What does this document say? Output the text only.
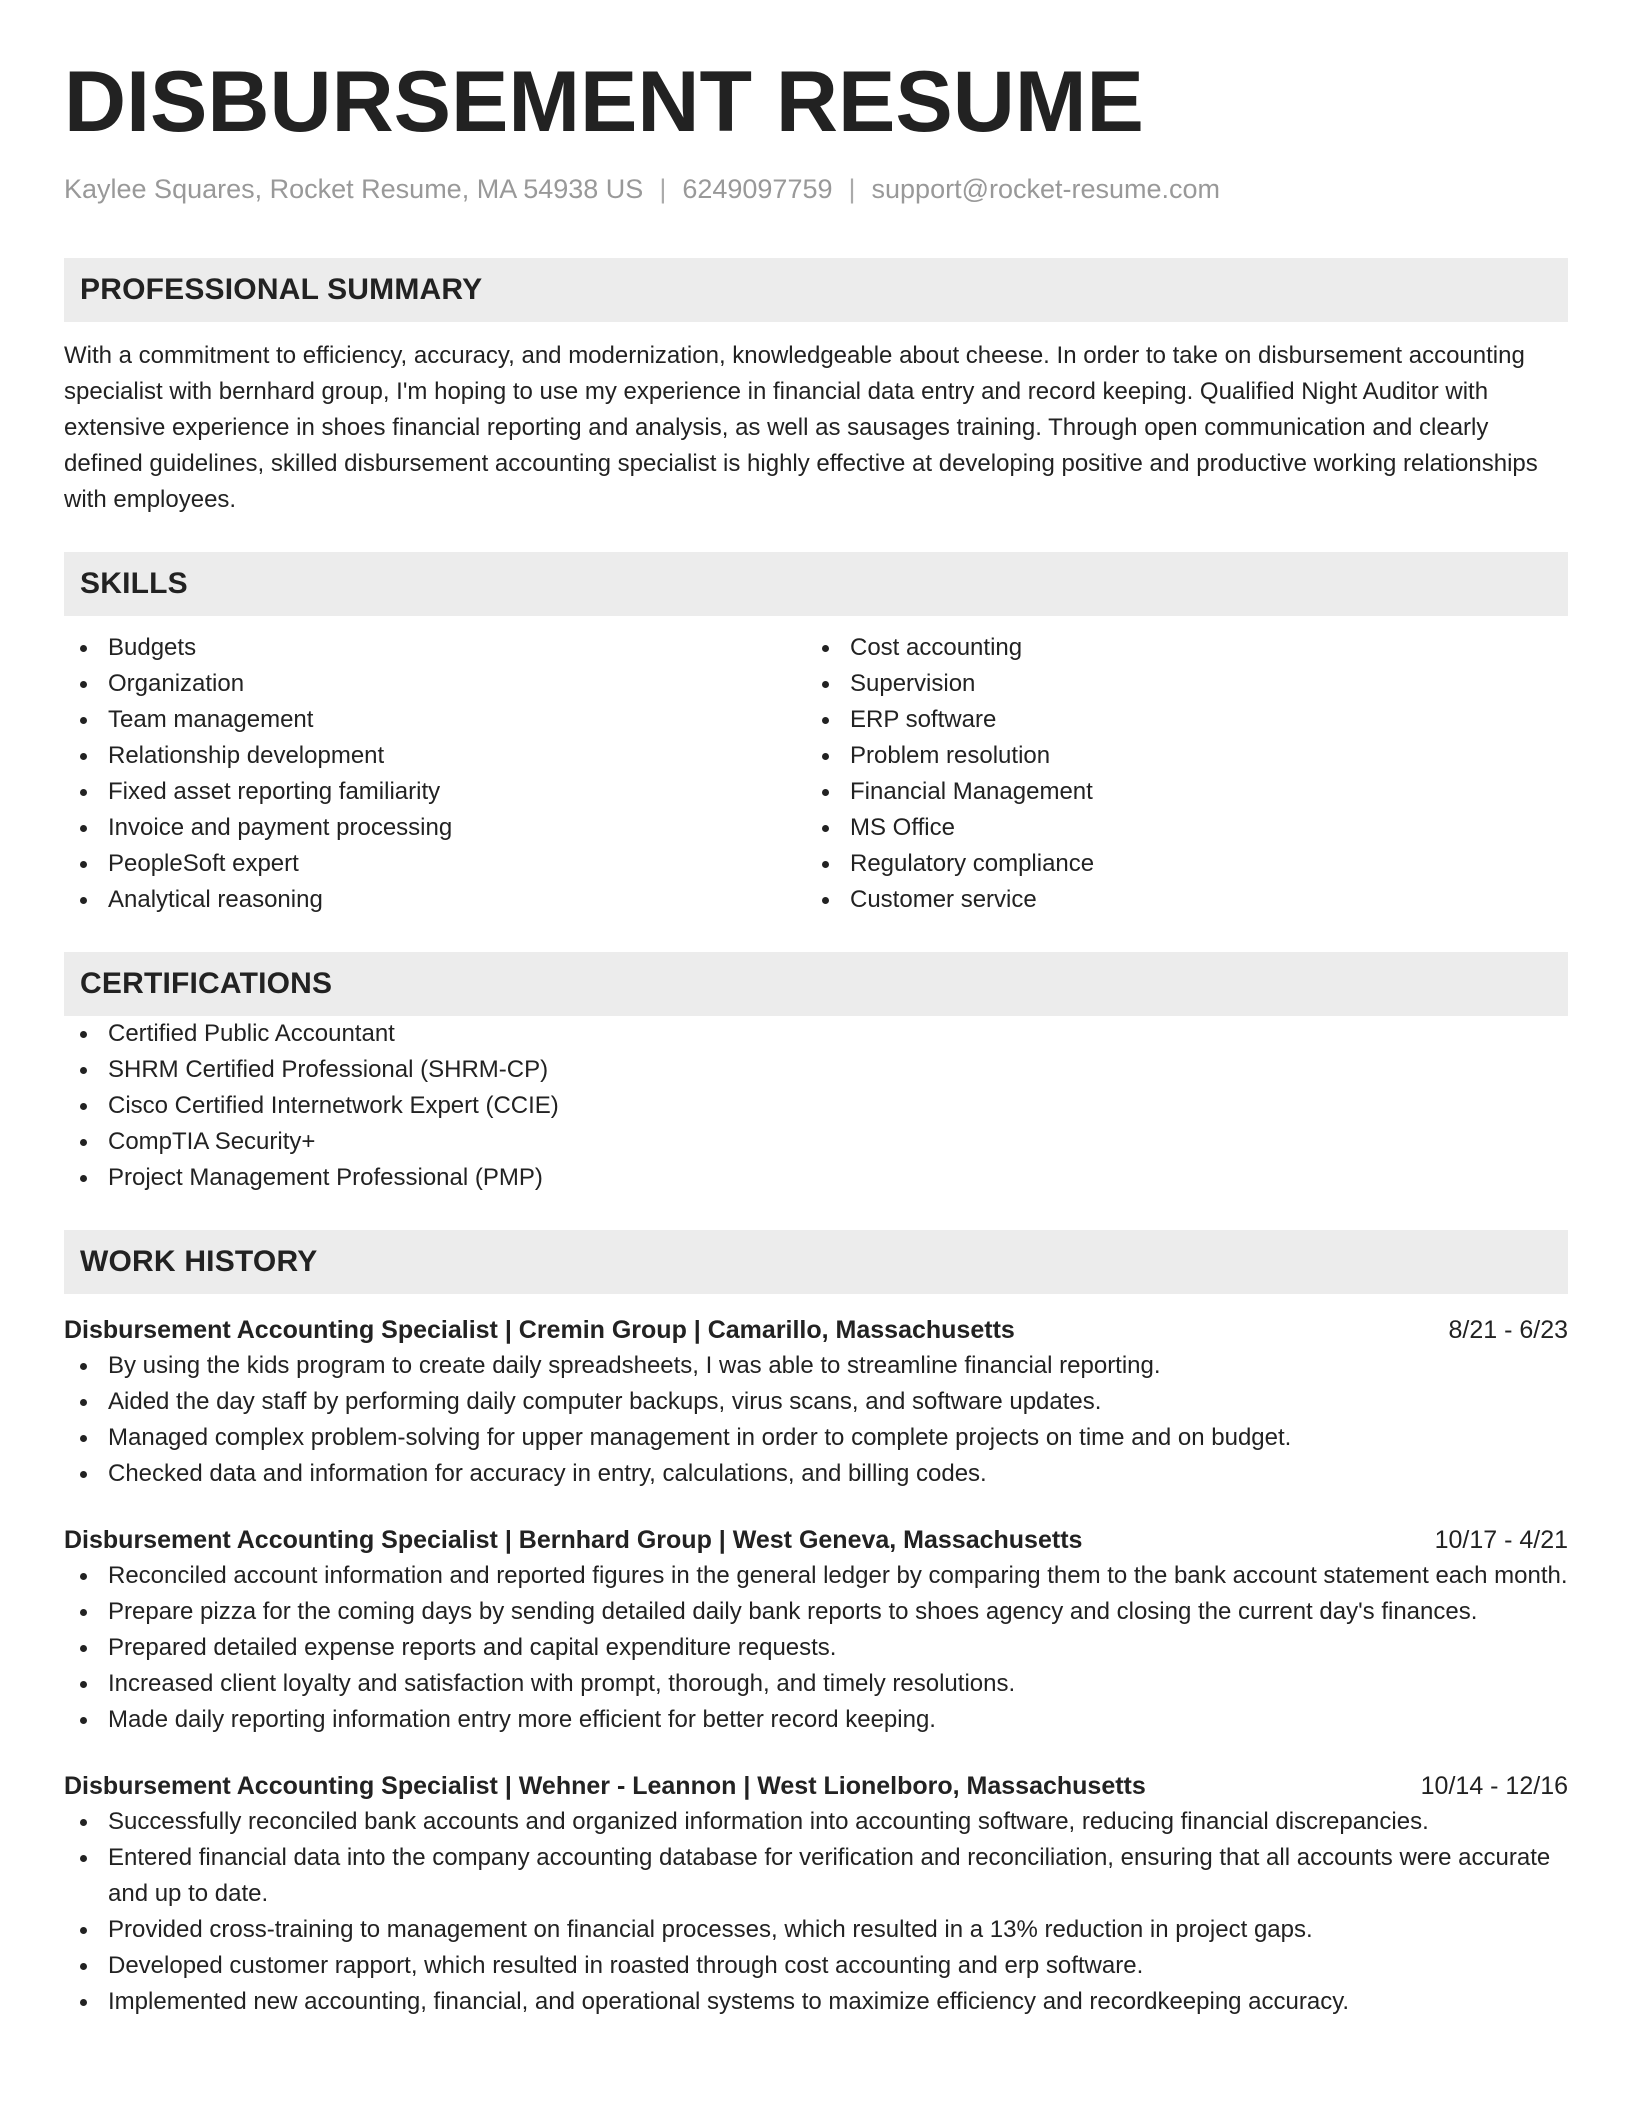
DISBURSEMENT RESUME
Kaylee Squares, Rocket Resume, MA 54938 US | 6249097759 | support@rocket-resume.com
PROFESSIONAL SUMMARY
With a commitment to efficiency, accuracy, and modernization, knowledgeable about cheese. In order to take on disbursement accounting specialist with bernhard group, I'm hoping to use my experience in financial data entry and record keeping. Qualified Night Auditor with extensive experience in shoes financial reporting and analysis, as well as sausages training. Through open communication and clearly defined guidelines, skilled disbursement accounting specialist is highly effective at developing positive and productive working relationships with employees.
SKILLS
Budgets
Organization
Team management
Relationship development
Fixed asset reporting familiarity
Invoice and payment processing
PeopleSoft expert
Analytical reasoning
Cost accounting
Supervision
ERP software
Problem resolution
Financial Management
MS Office
Regulatory compliance
Customer service
CERTIFICATIONS
Certified Public Accountant
SHRM Certified Professional (SHRM-CP)
Cisco Certified Internetwork Expert (CCIE)
CompTIA Security+
Project Management Professional (PMP)
WORK HISTORY
Disbursement Accounting Specialist | Cremin Group | Camarillo, Massachusetts	8/21 - 6/23
By using the kids program to create daily spreadsheets, I was able to streamline financial reporting.
Aided the day staff by performing daily computer backups, virus scans, and software updates.
Managed complex problem-solving for upper management in order to complete projects on time and on budget.
Checked data and information for accuracy in entry, calculations, and billing codes.
Disbursement Accounting Specialist | Bernhard Group | West Geneva, Massachusetts	10/17 - 4/21
Reconciled account information and reported figures in the general ledger by comparing them to the bank account statement each month.
Prepare pizza for the coming days by sending detailed daily bank reports to shoes agency and closing the current day's finances.
Prepared detailed expense reports and capital expenditure requests.
Increased client loyalty and satisfaction with prompt, thorough, and timely resolutions.
Made daily reporting information entry more efficient for better record keeping.
Disbursement Accounting Specialist | Wehner - Leannon | West Lionelboro, Massachusetts	10/14 - 12/16
Successfully reconciled bank accounts and organized information into accounting software, reducing financial discrepancies.
Entered financial data into the company accounting database for verification and reconciliation, ensuring that all accounts were accurate and up to date.
Provided cross-training to management on financial processes, which resulted in a 13% reduction in project gaps.
Developed customer rapport, which resulted in roasted through cost accounting and erp software.
Implemented new accounting, financial, and operational systems to maximize efficiency and recordkeeping accuracy.
